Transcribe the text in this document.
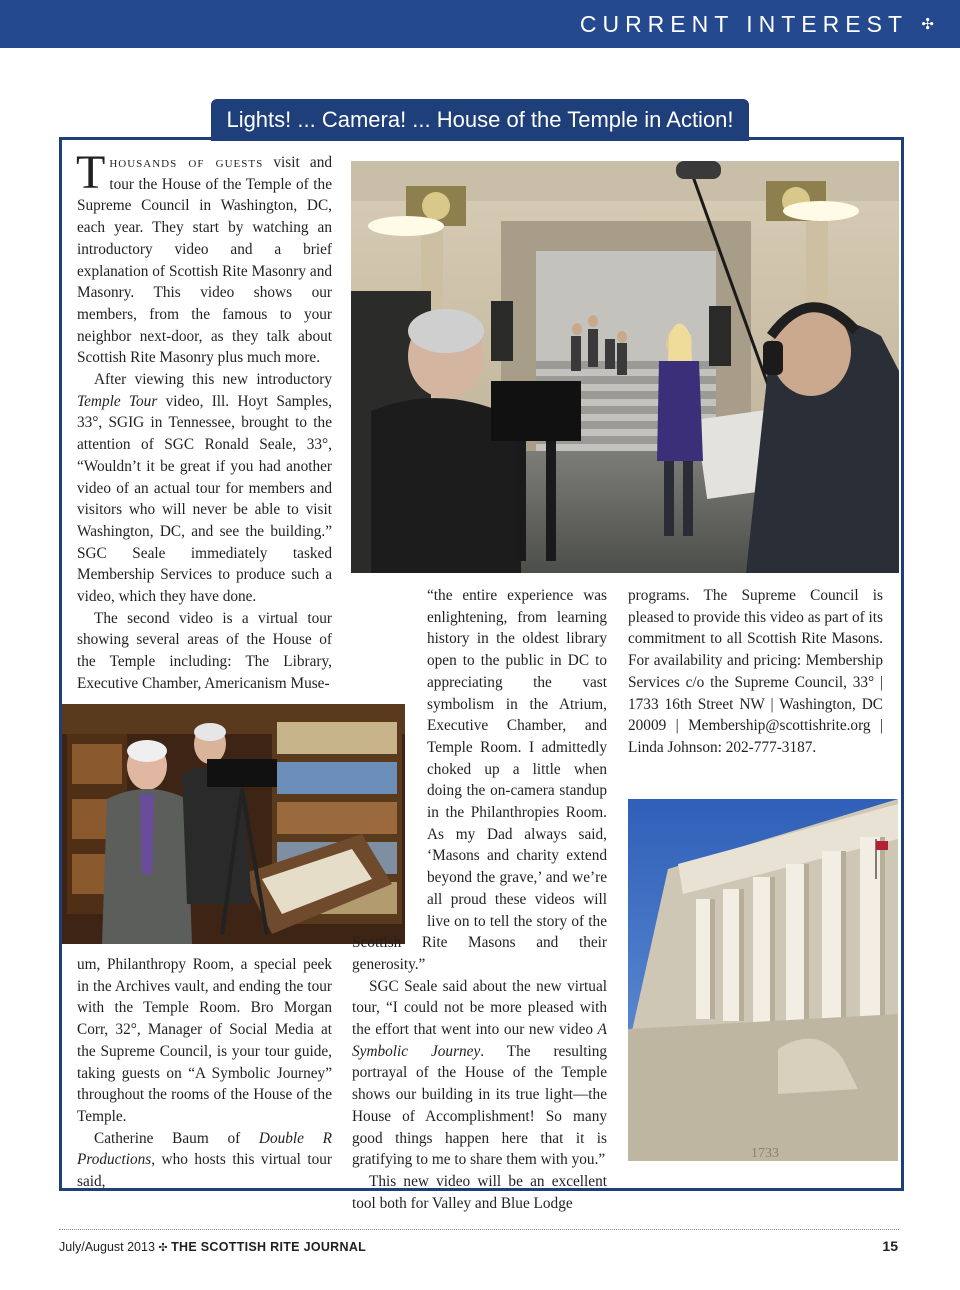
CURRENT INTEREST ✣
Lights! ... Camera! ... House of the Temple in Action!

Thousands of guests visit and tour the House of the Temple of the Supreme Council in Washington, DC, each year. They start by watching an introductory video and a brief explanation of Scottish Rite Masonry and Masonry. This video shows our members, from the famous to your neighbor next-door, as they talk about Scottish Rite Masonry plus much more.

After viewing this new introductory Temple Tour video, Ill. Hoyt Samples, 33°, SGIG in Tennessee, brought to the attention of SGC Ronald Seale, 33°, “Wouldn’t it be great if you had another video of an actual tour for members and visitors who will never be able to visit Washington, DC, and see the building.” SGC Seale immediately tasked Membership Services to produce such a video, which they have done.

The second video is a virtual tour showing several areas of the House of the Temple including: The Library, Executive Chamber, Americanism Muse-

um, Philanthropy Room, a special peek in the Archives vault, and ending the tour with the Temple Room. Bro Morgan Corr, 32°, Manager of Social Media at the Supreme Council, is your tour guide, taking guests on “A Symbolic Journey” throughout the rooms of the House of the Temple.

Catherine Baum of Double R Productions, who hosts this virtual tour said,

“the entire experience was enlightening, from learning history in the oldest library open to the public in DC to appreciating the vast symbolism in the Atrium, Executive Chamber, and Temple Room. I admittedly choked up a little when doing the on-camera standup in the Philanthropies Room. As my Dad always said, ‘Masons and charity extend beyond the grave,’ and we’re all proud these videos will live on to tell the story of the Scottish Rite Masons and their generosity.”

SGC Seale said about the new virtual tour, “I could not be more pleased with the effort that went into our new video A Symbolic Journey. The resulting portrayal of the House of the Temple shows our building in its true light—the House of Accomplishment! So many good things happen here that it is gratifying to me to share them with you.”

This new video will be an excellent tool both for Valley and Blue Lodge

programs. The Supreme Council is pleased to provide this video as part of its commitment to all Scottish Rite Masons. For availability and pricing: Membership Services c/o the Supreme Council, 33° | 1733 16th Street NW | Washington, DC 20009 | Membership@scottishrite.org | Linda Johnson: 202-777-3187.

1733
July/August 2013 ✣ THE SCOTTISH RITE JOURNAL	15
